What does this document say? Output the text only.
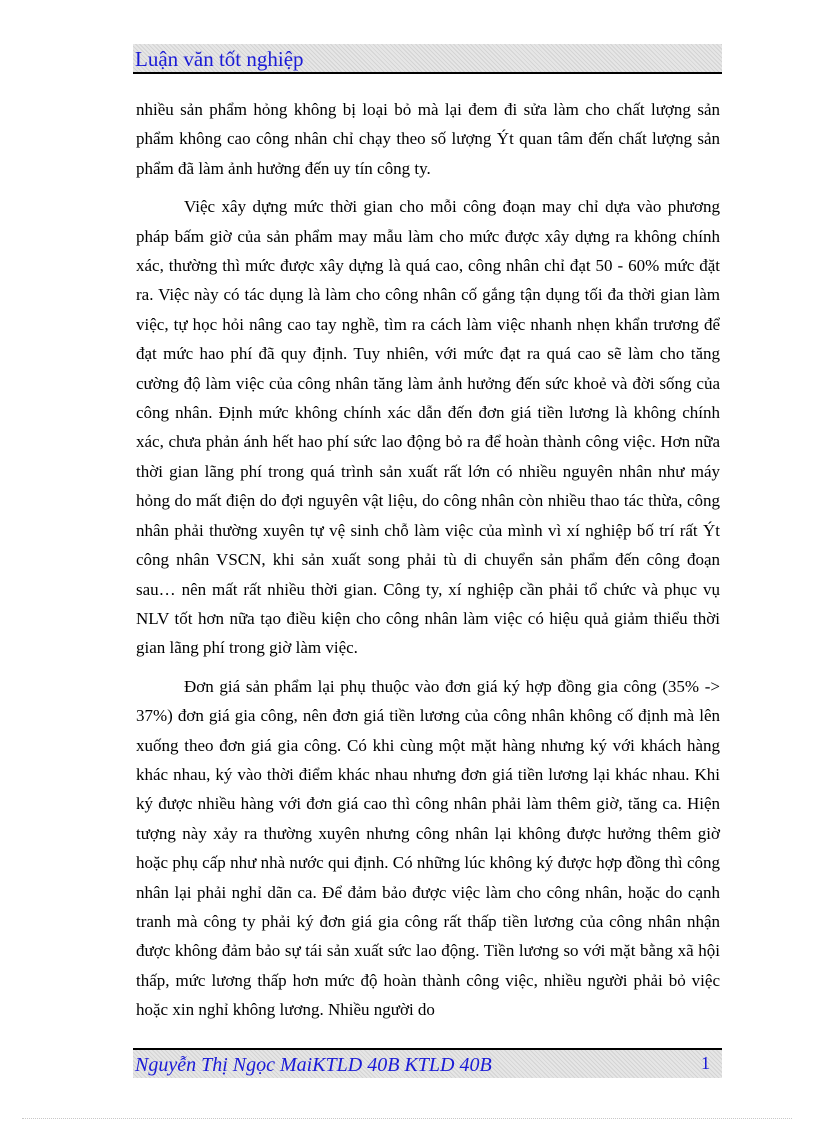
Luận văn tốt nghiệp

nhiều sản phẩm hỏng không bị loại bỏ mà lại đem đi sửa làm cho chất lượng sản phẩm không cao công nhân chỉ chạy theo số lượng Ýt quan tâm đến chất lượng sản phẩm đã làm ảnh hưởng đến uy tín công ty.

Việc xây dựng mức thời gian cho mỗi công đoạn may chỉ dựa vào phương pháp bấm giờ của sản phẩm may mẫu làm cho mức được xây dựng ra không chính xác, thường thì mức được xây dựng là quá cao, công nhân chỉ đạt 50 - 60% mức đặt ra. Việc này có tác dụng là làm cho công nhân cố gắng tận dụng tối đa thời gian làm việc, tự học hỏi nâng cao tay nghề, tìm ra cách làm việc nhanh nhẹn khẩn trương để đạt mức hao phí đã quy định. Tuy nhiên, với mức đạt ra quá cao sẽ làm cho tăng cường độ làm việc của công nhân tăng làm ảnh hưởng đến sức khoẻ và đời sống của công nhân. Định mức không chính xác dẫn đến đơn giá tiền lương là không chính xác, chưa phản ánh hết hao phí sức lao động bỏ ra để hoàn thành công việc. Hơn nữa thời gian lãng phí trong quá trình sản xuất rất lớn có nhiều nguyên nhân như máy hỏng do mất điện do đợi nguyên vật liệu, do công nhân còn nhiều thao tác thừa, công nhân phải thường xuyên tự vệ sinh chỗ làm việc của mình vì xí nghiệp bố trí rất Ýt công nhân VSCN, khi sản xuất song phải tù di chuyển sản phẩm đến công đoạn sau… nên mất rất nhiều thời gian. Công ty, xí nghiệp cần phải tổ chức và phục vụ NLV tốt hơn nữa tạo điều kiện cho công nhân làm việc có hiệu quả giảm thiểu thời gian lãng phí trong giờ làm việc.

Đơn giá sản phẩm lại phụ thuộc vào đơn giá ký hợp đồng gia công (35% -> 37%) đơn giá gia công, nên đơn giá tiền lương của công nhân không cố định mà lên xuống theo đơn giá gia công. Có khi cùng một mặt hàng nhưng ký với khách hàng khác nhau, ký vào thời điểm khác nhau nhưng đơn giá tiền lương lại khác nhau. Khi ký được nhiều hàng với đơn giá cao thì công nhân phải làm thêm giờ, tăng ca. Hiện tượng này xảy ra thường xuyên nhưng công nhân lại không được hưởng thêm giờ hoặc phụ cấp như nhà nước qui định. Có những lúc không ký được hợp đồng thì công nhân lại phải nghỉ dãn ca. Để đảm bảo được việc làm cho công nhân, hoặc do cạnh tranh mà công ty phải ký đơn giá gia công rất thấp tiền lương của công nhân nhận được không đảm bảo sự tái sản xuất sức lao động. Tiền lương so với mặt bằng xã hội thấp, mức lương thấp hơn mức độ hoàn thành công việc, nhiều người phải bỏ việc hoặc xin nghỉ không lương. Nhiều người do

Nguyễn Thị Ngọc MaiKTLD 40B KTLD 40B	1
